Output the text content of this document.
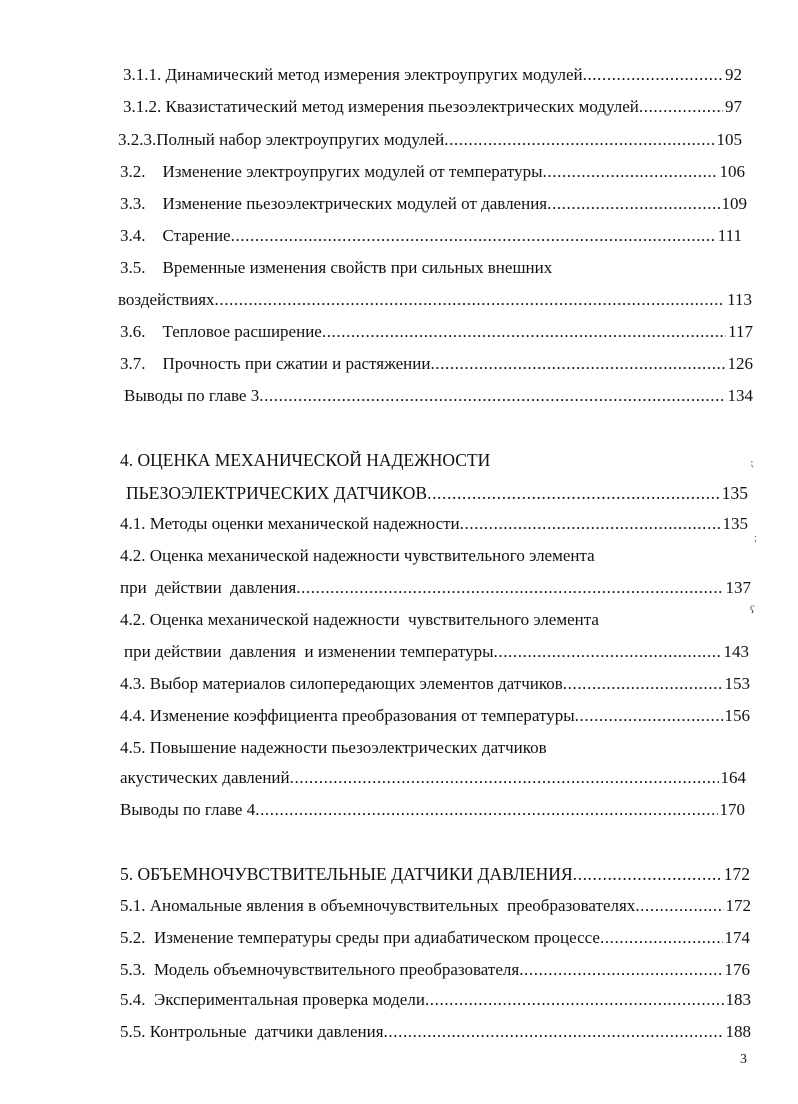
3.1.1. Динамический метод измерения электроупругих модулей .....	92
3.1.2. Квазистатический метод измерения пьезоэлектрических модулей .....	97
3.2.3.Полный набор электроупругих модулей .....	105
3.2.    Изменение электроупругих модулей от температуры .....	106
3.3.    Изменение пьезоэлектрических модулей от давления .....	109
3.4.    Старение .....	111
3.5.    Временные изменения свойств при сильных внешних
воздействиях .....	113
3.6.    Тепловое расширение .....	117
3.7.    Прочность при сжатии и растяжении .....	126
Выводы по главе 3 .....	134
4. ОЦЕНКА МЕХАНИЧЕСКОЙ НАДЕЖНОСТИ
ПЬЕЗОЭЛЕКТРИЧЕСКИХ ДАТЧИКОВ .....	135
4.1. Методы оценки механической надежности .....	135
4.2. Оценка механической надежности чувствительного элемента
при  действии  давления .....	137
4.2. Оценка механической надежности  чувствительного элемента
при действии  давления  и изменении температуры .....	143
4.3. Выбор материалов силопередающих элементов датчиков .....	153
4.4. Изменение коэффициента преобразования от температуры .....	156
4.5. Повышение надежности пьезоэлектрических датчиков
акустических давлений .....	164
Выводы по главе 4 .....	170
5. ОБЪЕМНОЧУВСТВИТЕЛЬНЫЕ ДАТЧИКИ ДАВЛЕНИЯ .....	172
5.1. Аномальные явления в объемночувствительных  преобразователях .....	172
5.2.  Изменение температуры среды при адиабатическом процессе .....	174
5.3.  Модель объемночувствительного преобразователя .....	176
5.4.  Экспериментальная проверка модели .....	183
5.5. Контрольные  датчики давления .....	188
⁏
;
ʕ
3
